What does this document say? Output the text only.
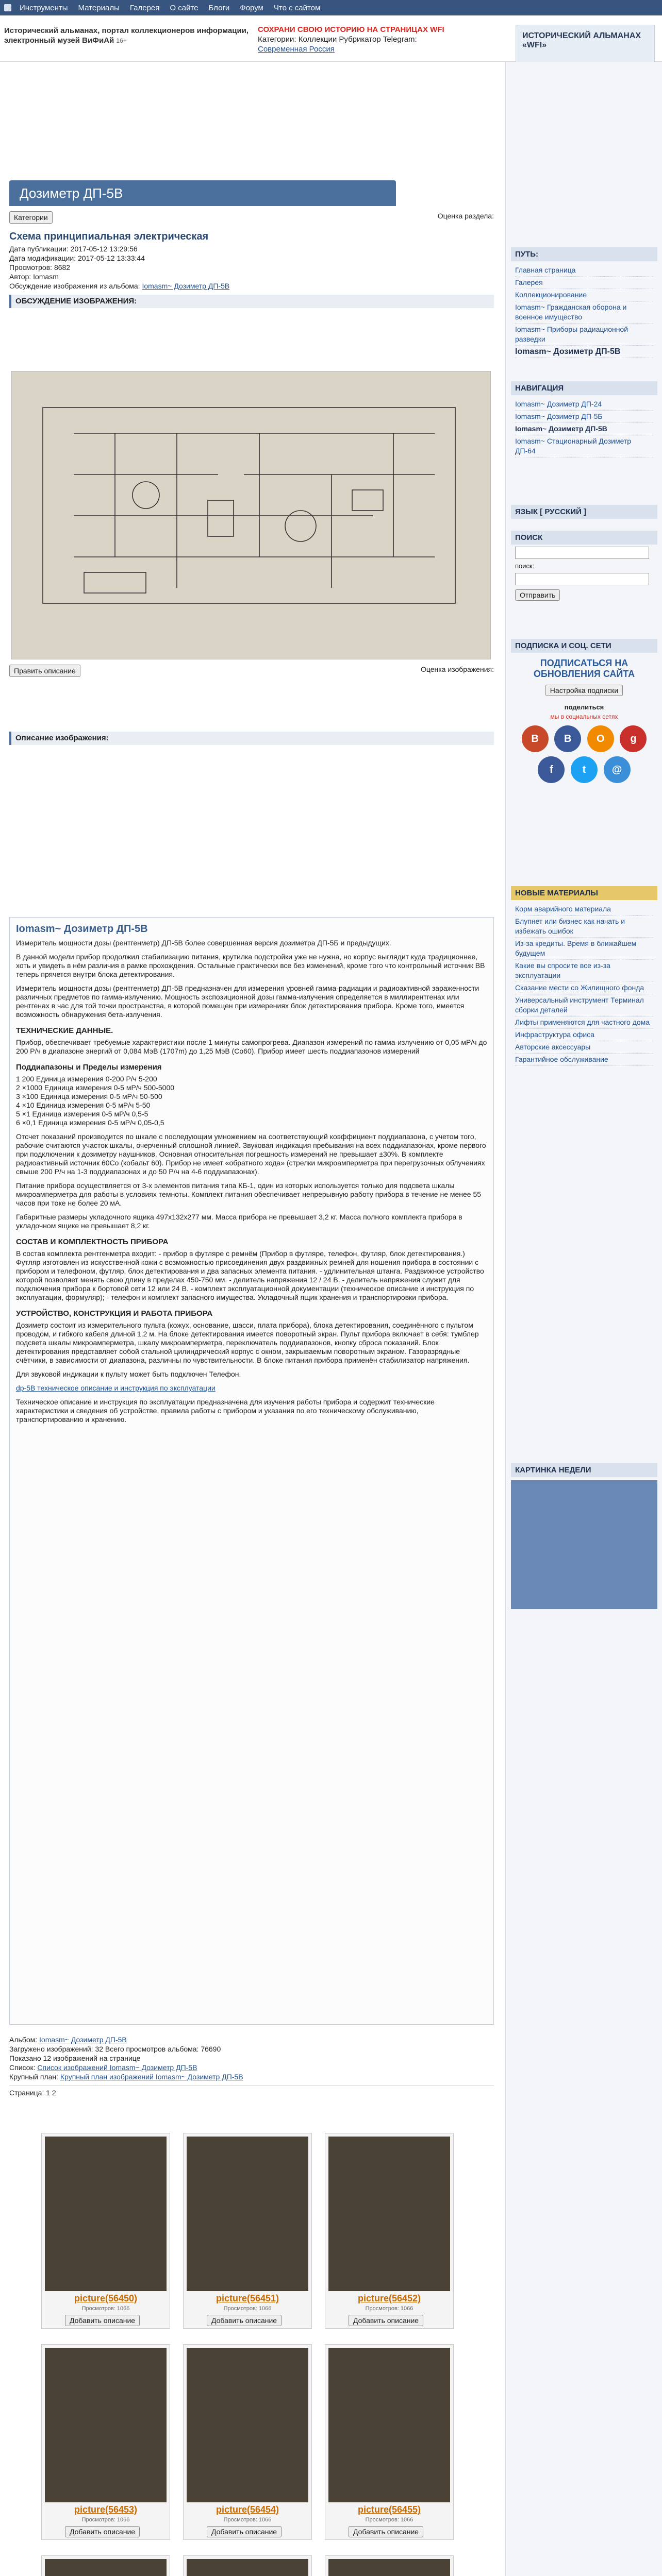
Инструменты Материалы Галерея О сайте Блоги Форум Что с сайтом
Исторический альманах, портал коллекционеров информации, электронный музей ВиФиАй 16+
СОХРАНИ СВОЮ ИСТОРИЮ НА СТРАНИЦАХ WFI
Категории: Коллекции Рубрикатор Telegram:
Современная Россия
ИСТОРИЧЕСКИЙ АЛЬМАНАХ «WFI»
Дозиметр ДП-5В
Оценка раздела:
Категории
Схема принципиальная электрическая
Дата публикации: 2017-05-12 13:29:56
Дата модификации: 2017-05-12 13:33:44
Просмотров: 8682
Автор: Iomasm
Обсуждение изображения из альбома: Iomasm~ Дозиметр ДП-5В
ОБСУЖДЕНИЕ ИЗОБРАЖЕНИЯ:
Править описание	Оценка изображения:
Описание изображения:
Iomasm~ Дозиметр ДП-5В

Измеритель мощности дозы (рентгенметр) ДП-5В более совершенная версия дозиметра ДП-5Б и предыдущих.

В данной модели прибор продолжил стабилизацию питания, крутилка подстройки уже не нужна, но корпус выглядит куда традиционнее, хоть и увидеть в нём различия в рамке прохождения. Остальные практически все без изменений, кроме того что контрольный источник ВВ теперь прячется внутри блока детектирования.

Измеритель мощности дозы (рентгенметр) ДП-5В предназначен для измерения уровней гамма-радиации и радиоактивной зараженности различных предметов по гамма-излучению. Мощность экспозиционной дозы гамма-излучения определяется в миллирентгенах или рентгенах в час для той точки пространства, в которой помещен при измерениях блок детектирования прибора. Кроме того, имеется возможность обнаружения бета-излучения.

ТЕХНИЧЕСКИЕ ДАННЫЕ.

Прибор, обеспечивает требуемые характеристики после 1 минуты самопрогрева. Диапазон измерений по гамма-излучению от 0,05 мР/ч до 200 Р/ч в диапазоне энергий от 0,084 МэВ (1707m) до 1,25 МэВ (Со60). Прибор имеет шесть поддиапазонов измерений

Поддиапазоны и Пределы измерения
1 200 Единица измерения 0-200 Р/ч 5-200
2 ×1000 Единица измерения 0-5 мР/ч 500-5000
3 ×100 Единица измерения 0-5 мР/ч 50-500
4 ×10 Единица измерения 0-5 мР/ч 5-50
5 ×1 Единица измерения 0-5 мР/ч 0,5-5
6 ×0,1 Единица измерения 0-5 мР/ч 0,05-0,5

Отсчет показаний производится по шкале с последующим умножением на соответствующий коэффициент поддиапазона, с учетом того, рабочие считаются участок шкалы, очерченный сплошной линией. Звуковая индикация пребывания на всех поддиапазонах, кроме первого при подключении к дозиметру наушников. Основная относительная погрешность измерений не превышает ±30%. В комплекте радиоактивный источник 60Со (кобальт 60). Прибор не имеет «обратного хода» (стрелки микроамперметра при перегрузочных облучениях свыше 200 Р/ч на 1-3 поддиапазонах и до 50 Р/ч на 4-6 поддиапазонах).

Питание прибора осуществляется от 3-х элементов питания типа КБ-1, один из которых используется только для подсвета шкалы микроамперметра для работы в условиях темноты. Комплект питания обеспечивает непрерывную работу прибора в течение не менее 55 часов при токе не более 20 мА.

Габаритные размеры укладочного ящика 497х132х277 мм. Масса прибора не превышает 3,2 кг. Масса полного комплекта прибора в укладочном ящике не превышает 8,2 кг.

СОСТАВ И КОМПЛЕКТНОСТЬ ПРИБОРА

В состав комплекта рентгенметра входит: - прибор в футляре с ремнём (Прибор в футляре, телефон, футляр, блок детектирования.) Футляр изготовлен из искусственной кожи с возможностью присоединения двух раздвижных ремней для ношения прибора в состоянии с прибором и телефоном, футляр, блок детектирования и два запасных элемента питания. - удлинительная штанга. Раздвижное устройство которой позволяет менять свою длину в пределах 450-750 мм. - делитель напряжения 12 / 24 В. - делитель напряжения служит для подключения прибора к бортовой сети 12 или 24 В. - комплект эксплуатационной документации (техническое описание и инструкция по эксплуатации, формуляр); - телефон и комплект запасного имущества. Укладочный ящик хранения и транспортировки прибора.

УСТРОЙСТВО, КОНСТРУКЦИЯ И РАБОТА ПРИБОРА

Дозиметр состоит из измерительного пульта (кожух, основание, шасси, плата прибора), блока детектирования, соединённого с пультом проводом, и гибкого кабеля длиной 1,2 м. На блоке детектирования имеется поворотный экран. Пульт прибора включает в себя: тумблер подсвета шкалы микроамперметра, шкалу микроамперметра, переключатель поддиапазонов, кнопку сброса показаний. Блок детектирования представляет собой стальной цилиндрический корпус с окном, закрываемым поворотным экраном. Газоразрядные счётчики, в зависимости от диапазона, различны по чувствительности. В блоке питания прибора применён стабилизатор напряжения.

Для звуковой индикации к пульту может быть подключен Телефон.

dp-5B техническое описание и инструкция по эксплуатации

Техническое описание и инструкция по эксплуатации предназначена для изучения работы прибора и содержит технические характеристики и сведения об устройстве, правила работы с прибором и указания по его техническому обслуживанию, транспортированию и хранению.

Альбом: Iomasm~ Дозиметр ДП-5В
Загружено изображений: 32 Всего просмотров альбома: 76690
Показано 12 изображений на странице
Список: Список изображений Iomasm~ Дозиметр ДП-5В
Крупный план: Крупный план изображений Iomasm~ Дозиметр ДП-5В
Страница: 1 2
picture(56450)
Просмотров: 1066
Добавить описание
picture(56451)
Просмотров: 1066
Добавить описание
picture(56452)
Просмотров: 1066
Добавить описание
picture(56453)
Просмотров: 1066
Добавить описание
picture(56454)
Просмотров: 1066
Добавить описание
picture(56455)
Просмотров: 1066
Добавить описание
ПУТЬ:
Главная страница
Галерея
Коллекционирование
Iomasm~ Гражданская оборона и военное имущество
Iomasm~ Приборы радиационной разведки
Iomasm~ Дозиметр ДП-5В
НАВИГАЦИЯ
Iomasm~ Дозиметр ДП-24
Iomasm~ Дозиметр ДП-5Б
Iomasm~ Дозиметр ДП-5В
Iomasm~ Стационарный Дозиметр ДП-64
ЯЗЫК [ РУССКИЙ ]
ПОИСК
поиск:
Отправить
ПОДПИСКА И СОЦ. СЕТИ
ПОДПИСАТЬСЯ НА ОБНОВЛЕНИЯ САЙТА
Настройка подписки
поделиться
мы в социальных сетях
B В О g
f	t	@
НОВЫЕ МАТЕРИАЛЫ
Корм аварийного материала
Блупнет или бизнес как начать и избежать ошибок
Из-за кредиты. Время в ближайшем будущем
Какие вы спросите все из-за эксплуатации
Сказание мести со Жилищного фонда
Универсальный инструмент Терминал сборки деталей
Лифты применяются для частного дома
Инфраструктура офиса
Авторские аксессуары
Гарантийное обслуживание
КАРТИНКА НЕДЕЛИ
